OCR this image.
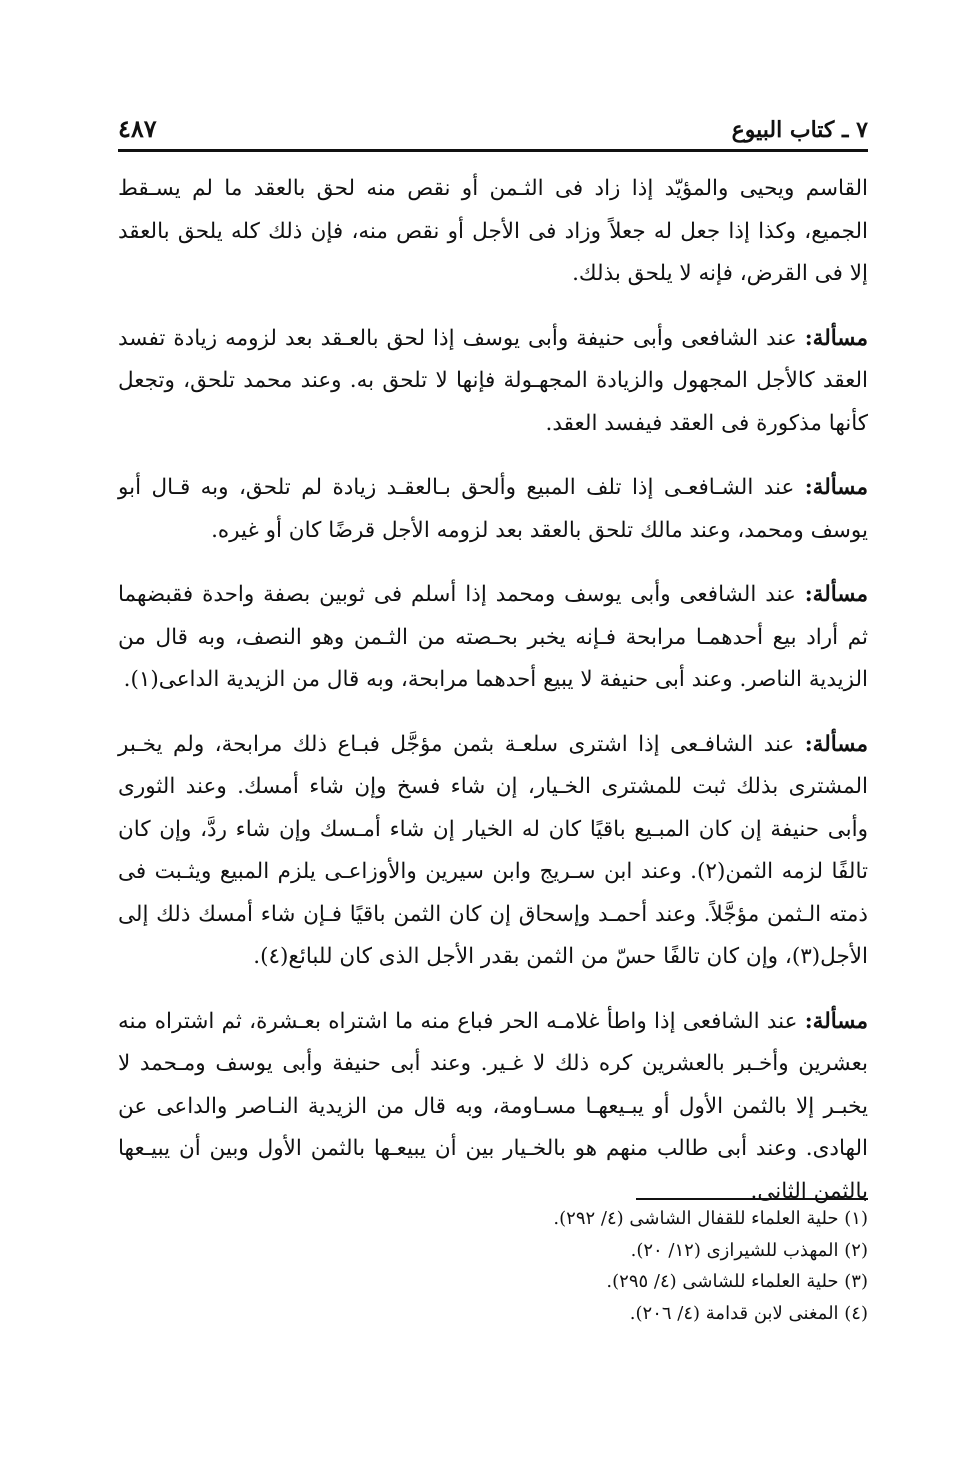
٧ ـ كتاب البيوع
٤٨٧

القاسم ويحيى والمؤيّد إذا زاد فى الثـمن أو نقص منه لحق بالعقد ما لم يسـقط الجميع، وكذا إذا جعل له جعلاً وزاد فى الأجل أو نقص منه، فإن ذلك كله يلحق بالعقد إلا فى القرض، فإنه لا يلحق بذلك.

مسألة: عند الشافعى وأبى حنيفة وأبى يوسف إذا لحق بالعـقد بعد لزومه زيادة تفسد العقد كالأجل المجهول والزيادة المجهـولة فإنها لا تلحق به. وعند محمد تلحق، وتجعل كأنها مذكورة فى العقد فيفسد العقد.

مسألة: عند الشـافعـى إذا تلف المبيع وألحق بـالعقـد زيادة لم تلحق، وبه قـال أبو يوسف ومحمد، وعند مالك تلحق بالعقد بعد لزومه الأجل قرضًا كان أو غيره.

مسألة: عند الشافعى وأبى يوسف ومحمد إذا أسلم فى ثوبين بصفة واحدة فقبضهما ثم أراد بيع أحدهمـا مرابحة فـإنه يخبر بحـصته من الثـمن وهو النصف، وبه قال من الزيدية الناصر. وعند أبى حنيفة لا يبيع أحدهما مرابحة، وبه قال من الزيدية الداعى(١).

مسألة: عند الشافـعى إذا اشترى سلعـة بثمن مؤجَّل فبـاع ذلك مرابحة، ولم يخـبر المشترى بذلك ثبت للمشترى الخـيار، إن شاء فسخ وإن شاء أمسك. وعند الثورى وأبى حنيفة إن كان المبـيع باقيًا كان له الخيار إن شاء أمـسك وإن شاء ردَّ، وإن كان تالفًا لزمه الثمن(٢). وعند ابن سـريج وابن سيرين والأوزاعـى يلزم المبيع ويثـبت فى ذمته الـثمن مؤجَّلاً. وعند أحمـد وإسحاق إن كان الثمن باقيًا فـإن شاء أمسك ذلك إلى الأجل(٣)، وإن كان تالفًا حسّ من الثمن بقدر الأجل الذى كان للبائع(٤).

مسألة: عند الشافعى إذا واطأ غلامـه الحر فباع منه ما اشتراه بعـشرة، ثم اشتراه منه بعشرين وأخـبر بالعشرين كره ذلك لا غـير. وعند أبى حنيفة وأبى يوسف ومـحمد لا يخبـر إلا بالثمن الأول أو يبـيعهـا مسـاومة، وبه قال من الزيدية النـاصر والداعى عن الهادى. وعند أبى طالب منهم هو بالخـيار بين أن يبيعـها بالثمن الأول وبين أن يبيـعها بالثمن الثانى.

(١) حلية العلماء للقفال الشاشى (٤/ ٢٩٢).

(٢) المهذب للشيرازى (١٢/ ٢٠).

(٣) حلية العلماء للشاشى (٤/ ٢٩٥).

(٤) المغنى لابن قدامة (٤/ ٢٠٦).
